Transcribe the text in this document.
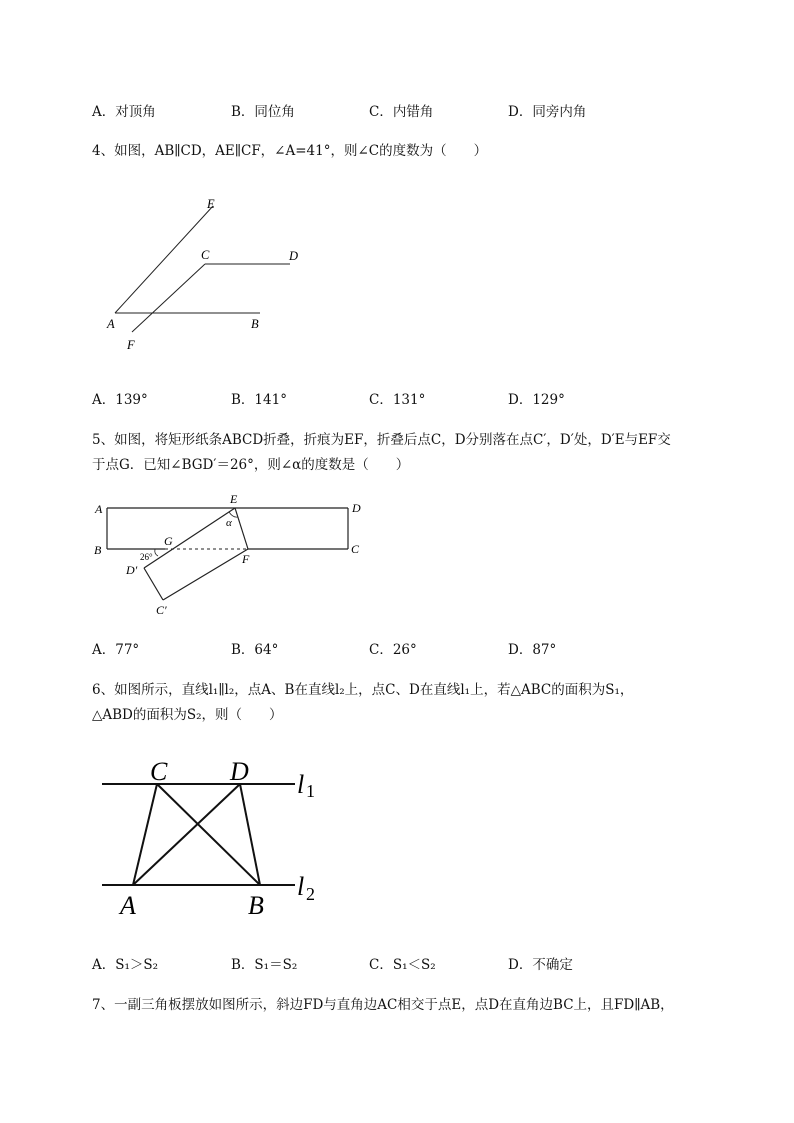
A．对顶角	B．同位角	C．内错角	D．同旁内角
4、如图，AB∥CD，AE∥CF，∠A=41°，则∠C的度数为（　　）
E
C	D
A	B
F
A．139°	B．141°	C．131°	D．129°
5、如图，将矩形纸条ABCD折叠，折痕为EF，折叠后点C，D分别落在点C′，D′处，D′E与EF交
于点G．已知∠BGD′＝26°，则∠α的度数是（　　）
A
E
D
B
G
F
C
D′
C′
26°
α
A．77°	B．64°	C．26°	D．87°
6、如图所示，直线l₁∥l₂，点A、B在直线l₂上，点C、D在直线l₁上，若△ABC的面积为S₁，
△ABD的面积为S₂，则（　　）
C D
A	B
l 1
l 2
A．S₁＞S₂	B．S₁＝S₂	C．S₁＜S₂	D．不确定
7、一副三角板摆放如图所示，斜边FD与直角边AC相交于点E，点D在直角边BC上，且FD∥AB，
